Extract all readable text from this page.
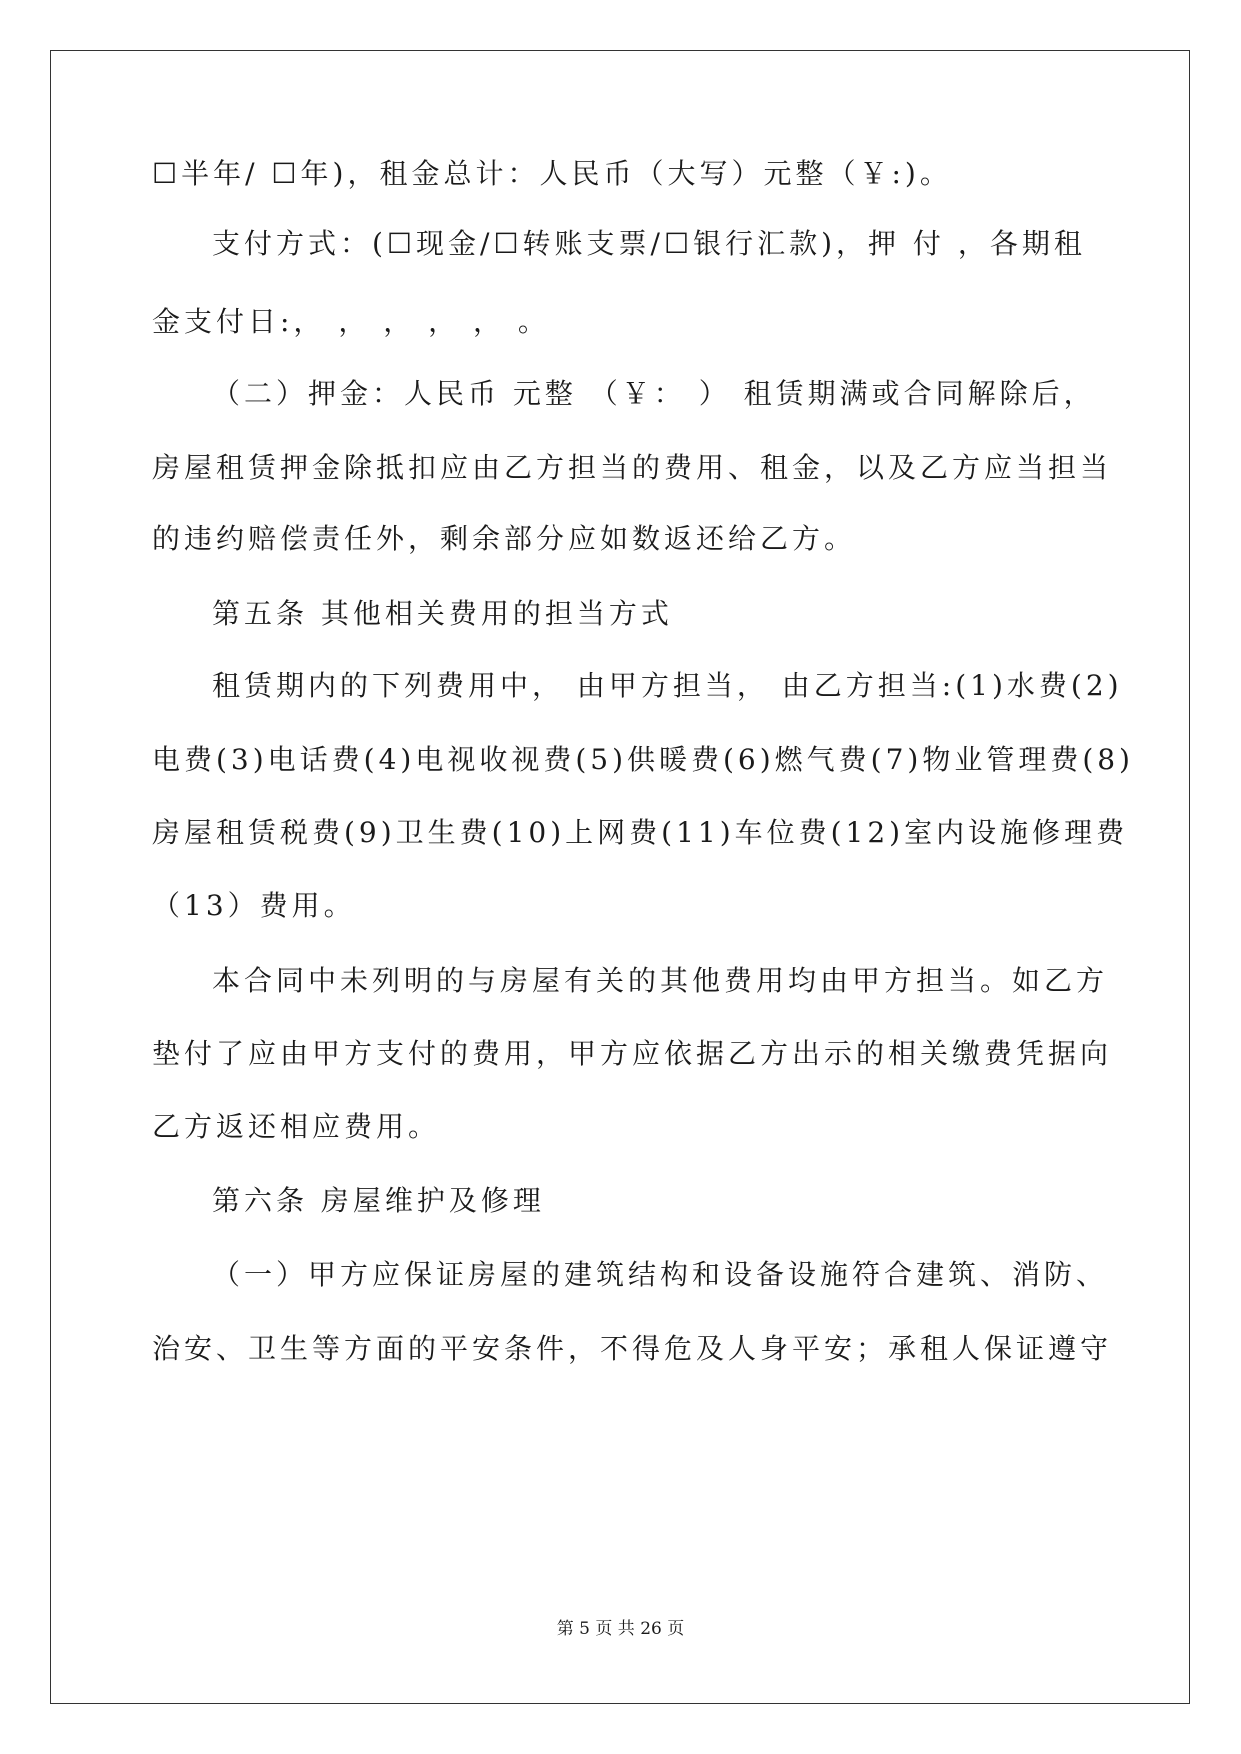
☐半年/ ☐年)，租金总计：人民币（大写）元整（￥:)。
支付方式：(☐现金/☐转账支票/☐银行汇款)，押 付 ，各期租
金支付日:， ， ， ， ， 。
（二）押金：人民币 元整 （￥： ） 租赁期满或合同解除后，
房屋租赁押金除抵扣应由乙方担当的费用、租金，以及乙方应当担当
的违约赔偿责任外，剩余部分应如数返还给乙方。
第五条 其他相关费用的担当方式
租赁期内的下列费用中， 由甲方担当， 由乙方担当:(1)水费(2)
电费(3)电话费(4)电视收视费(5)供暖费(6)燃气费(7)物业管理费(8)
房屋租赁税费(9)卫生费(10)上网费(11)车位费(12)室内设施修理费
（13）费用。
本合同中未列明的与房屋有关的其他费用均由甲方担当。如乙方
垫付了应由甲方支付的费用，甲方应依据乙方出示的相关缴费凭据向
乙方返还相应费用。
第六条 房屋维护及修理
（一）甲方应保证房屋的建筑结构和设备设施符合建筑、消防、
治安、卫生等方面的平安条件，不得危及人身平安；承租人保证遵守
第 5 页 共 26 页
